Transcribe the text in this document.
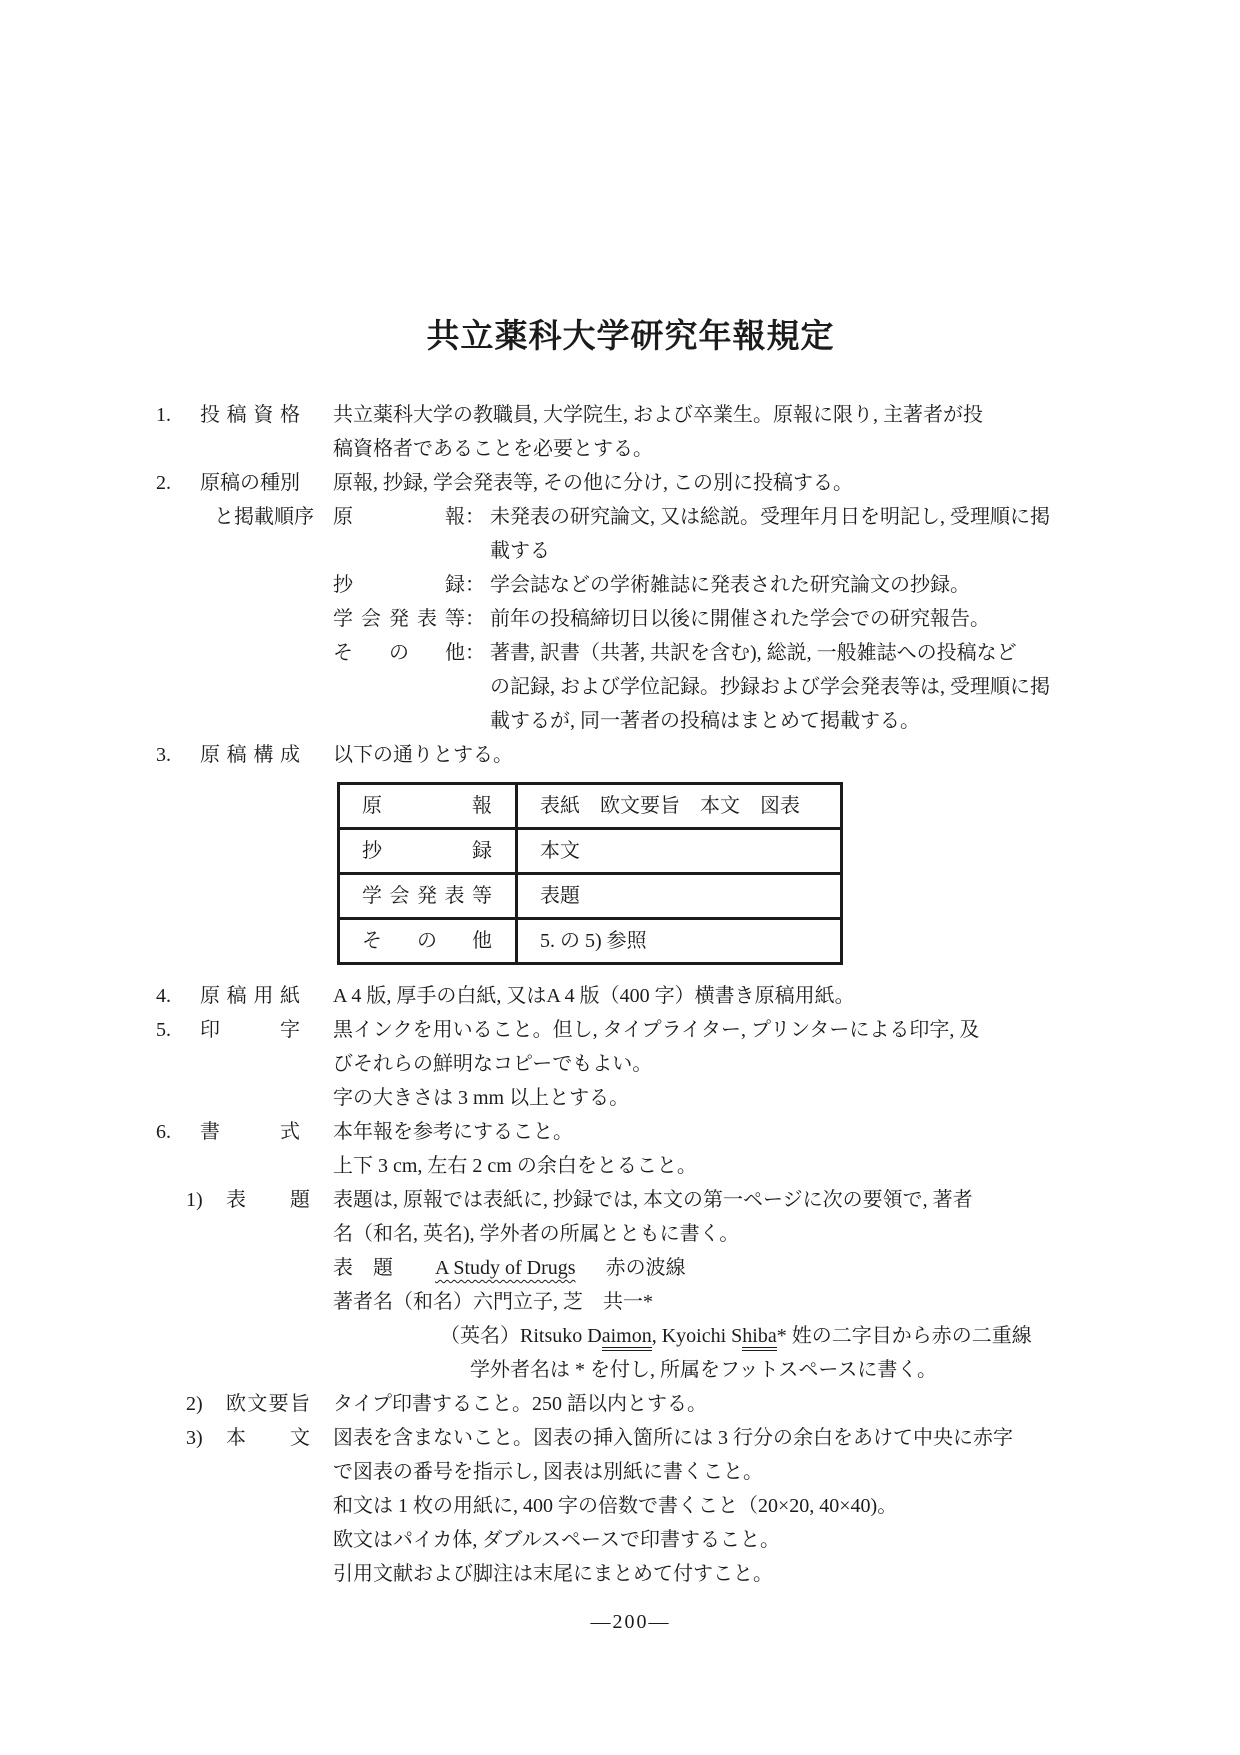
共立薬科大学研究年報規定
1.	投稿資格 共立薬科大学の教職員, 大学院生, および卒業生。原報に限り, 主著者が投
稿資格者であることを必要とする。
2.	原稿の種別
と掲載順序
原報, 抄録, 学会発表等, その他に分け, この別に投稿する。
原報 ： 未発表の研究論文, 又は総説。受理年月日を明記し, 受理順に掲
載する
抄録 ： 学会誌などの学術雑誌に発表された研究論文の抄録。
学会発表等 ： 前年の投稿締切日以後に開催された学会での研究報告。
その他 ： 著書, 訳書（共著, 共訳を含む), 総説, 一般雑誌への投稿など
の記録, および学位記録。抄録および学会発表等は, 受理順に掲
載するが, 同一著者の投稿はまとめて掲載する。
3.	原稿構成 以下の通りとする。
原報	表紙　欧文要旨　本文　図表
抄録	本文
学会発表等	表題
その他	5. の 5) 参照
4.	原稿用紙 A 4 版, 厚手の白紙, 又はA 4 版（400 字）横書き原稿用紙。
5.	印字 黒インクを用いること。但し, タイプライター, プリンターによる印字, 及
びそれらの鮮明なコピーでもよい。
字の大きさは 3 mm 以上とする。
6.	書式 本年報を参考にすること。
上下 3 cm, 左右 2 cm の余白をとること。
1)	表題 表題は, 原報では表紙に, 抄録では, 本文の第一ページに次の要領で, 著者
名（和名, 英名), 学外者の所属とともに書く。
表　題	A Study of Drugs 赤の波線
著者名（和名）六門立子, 芝　共一*
（英名）Ritsuko Daimon, Kyoichi Shiba* 姓の二字目から赤の二重線
学外者名は * を付し, 所属をフットスペースに書く。
2)	欧文要旨 タイプ印書すること。250 語以内とする。
3)	本文 図表を含まないこと。図表の挿入箇所には 3 行分の余白をあけて中央に赤字
で図表の番号を指示し, 図表は別紙に書くこと。
和文は 1 枚の用紙に, 400 字の倍数で書くこと（20×20, 40×40)。
欧文はパイカ体, ダブルスペースで印書すること。
引用文献および脚注は末尾にまとめて付すこと。
—200—
